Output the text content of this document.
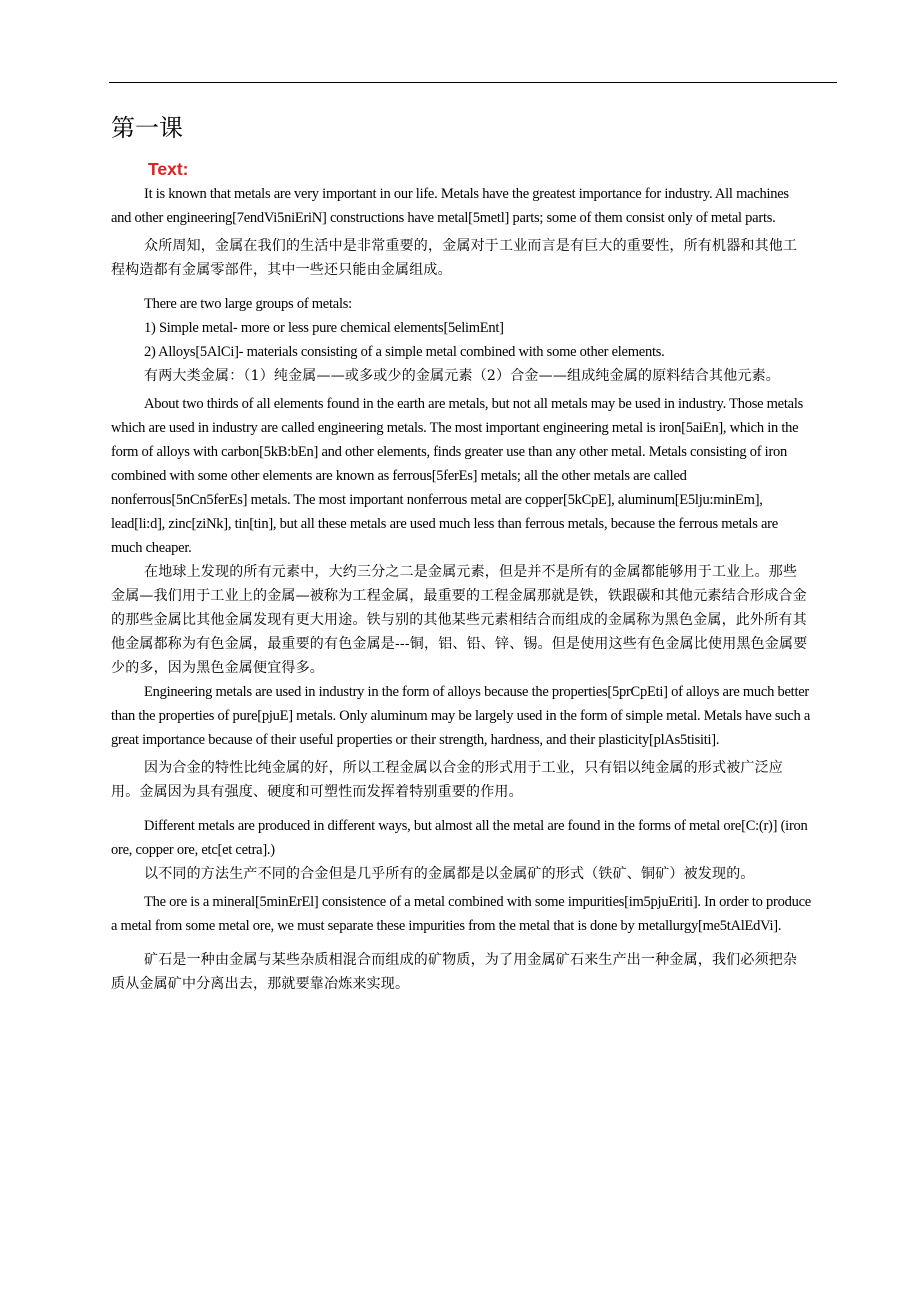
第一课
Text:

It is known that metals are very important in our life. Metals have the greatest importance for industry. All machines and other engineering[7endVi5niEriN] constructions have metal[5metl] parts; some of them consist only of metal parts.

众所周知，金属在我们的生活中是非常重要的，金属对于工业而言是有巨大的重要性，所有机器和其他工程构造都有金属零部件，其中一些还只能由金属组成。

There are two large groups of metals:

1) Simple metal- more or less pure chemical elements[5elimEnt]

2) Alloys[5AlCi]- materials consisting of a simple metal combined with some other elements.

有两大类金属：（1）纯金属——或多或少的金属元素（2）合金——组成纯金属的原料结合其他元素。

About two thirds of all elements found in the earth are metals, but not all metals may be used in industry. Those metals which are used in industry are called engineering metals. The most important engineering metal is iron[5aiEn], which in the form of alloys with carbon[5kB:bEn] and other elements, finds greater use than any other metal. Metals consisting of iron combined with some other elements are known as ferrous[5ferEs] metals; all the other metals are called nonferrous[5nCn5ferEs] metals. The most important nonferrous metal are copper[5kCpE], aluminum[E5lju:minEm], lead[li:d], zinc[ziNk], tin[tin], but all these metals are used much less than ferrous metals, because the ferrous metals are much cheaper.

在地球上发现的所有元素中，大约三分之二是金属元素，但是并不是所有的金属都能够用于工业上。那些金属—我们用于工业上的金属—被称为工程金属，最重要的工程金属那就是铁，铁跟碳和其他元素结合形成合金的那些金属比其他金属发现有更大用途。铁与别的其他某些元素相结合而组成的金属称为黑色金属，此外所有其他金属都称为有色金属，最重要的有色金属是---铜，铝、铅、锌、锡。但是使用这些有色金属比使用黑色金属要少的多，因为黑色金属便宜得多。

Engineering metals are used in industry in the form of alloys because the properties[5prCpEti] of alloys are much better than the properties of pure[pjuE] metals. Only aluminum may be largely used in the form of simple metal. Metals have such a great importance because of their useful properties or their strength, hardness, and their plasticity[plAs5tisiti].

因为合金的特性比纯金属的好，所以工程金属以合金的形式用于工业，只有铝以纯金属的形式被广泛应用。金属因为具有强度、硬度和可塑性而发挥着特别重要的作用。

Different metals are produced in different ways, but almost all the metal are found in the forms of metal ore[C:(r)] (iron ore, copper ore, etc[et cetra].)

以不同的方法生产不同的合金但是几乎所有的金属都是以金属矿的形式（铁矿、铜矿）被发现的。

The ore is a mineral[5minErEl] consistence of a metal combined with some impurities[im5pjuEriti]. In order to produce a metal from some metal ore, we must separate these impurities from the metal that is done by metallurgy[me5tAlEdVi].

矿石是一种由金属与某些杂质相混合而组成的矿物质，为了用金属矿石来生产出一种金属，我们必须把杂质从金属矿中分离出去，那就要靠冶炼来实现。
